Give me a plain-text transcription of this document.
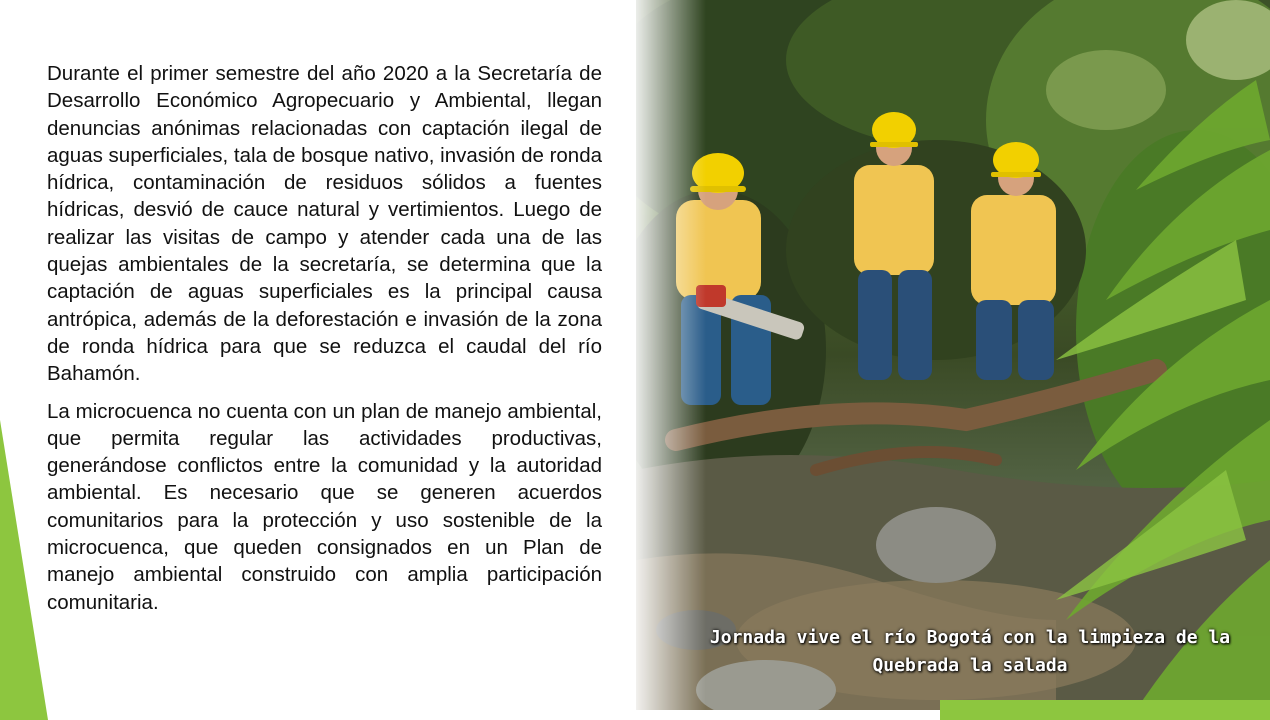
Durante el primer semestre del año 2020 a la Secretaría de Desarrollo Económico Agropecuario y Ambiental, llegan denuncias anónimas relacionadas con captación ilegal de aguas superficiales, tala de bosque nativo, invasión de ronda hídrica, contaminación de residuos sólidos a fuentes hídricas, desvió de cauce natural y vertimientos. Luego de realizar las visitas de campo y atender cada una de las quejas ambientales de la secretaría, se determina que la captación de aguas superficiales es la principal causa antrópica, además de la deforestación e invasión de la zona de ronda hídrica para que se reduzca el caudal del río Bahamón.

La microcuenca no cuenta con un plan de manejo ambiental, que permita regular las actividades productivas, generándose conflictos entre la comunidad y la autoridad ambiental. Es necesario que se generen acuerdos comunitarios para la protección y uso sostenible de la microcuenca, que queden consignados en un Plan de manejo ambiental construido con amplia participación comunitaria.

Jornada vive el río Bogotá con la limpieza de la
Quebrada la salada
